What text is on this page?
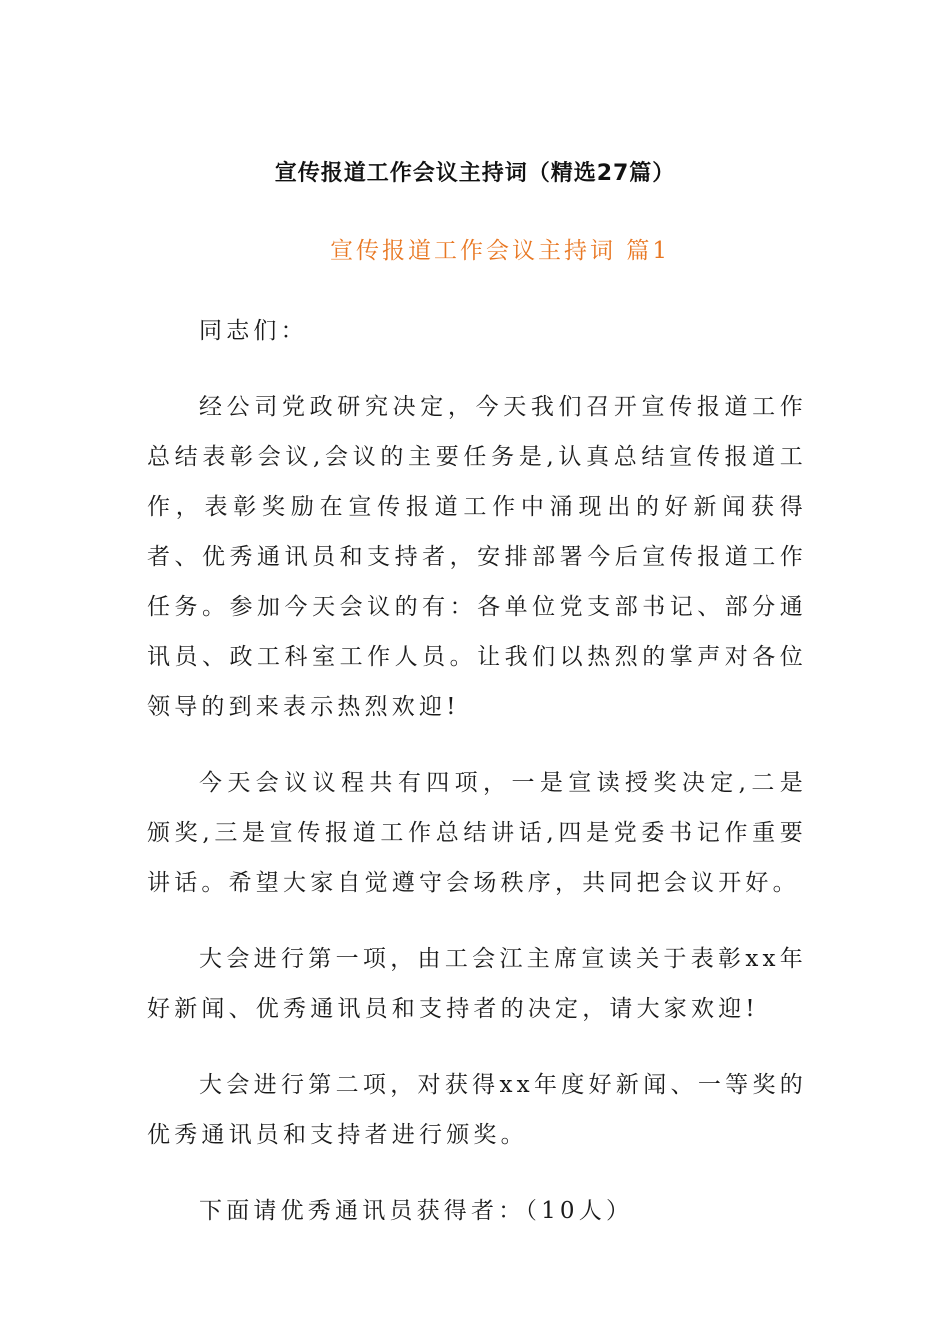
宣传报道工作会议主持词（精选27篇）
宣传报道工作会议主持词 篇1

同志们：

经公司党政研究决定，今天我们召开宣传报道工作总结表彰会议,会议的主要任务是,认真总结宣传报道工作，表彰奖励在宣传报道工作中涌现出的好新闻获得者、优秀通讯员和支持者，安排部署今后宣传报道工作任务。参加今天会议的有：各单位党支部书记、部分通讯员、政工科室工作人员。让我们以热烈的掌声对各位领导的到来表示热烈欢迎!

今天会议议程共有四项，一是宣读授奖决定,二是颁奖,三是宣传报道工作总结讲话,四是党委书记作重要讲话。希望大家自觉遵守会场秩序，共同把会议开好。

大会进行第一项，由工会江主席宣读关于表彰xx年好新闻、优秀通讯员和支持者的决定，请大家欢迎!

大会进行第二项，对获得xx年度好新闻、一等奖的优秀通讯员和支持者进行颁奖。

下面请优秀通讯员获得者：（10人）
